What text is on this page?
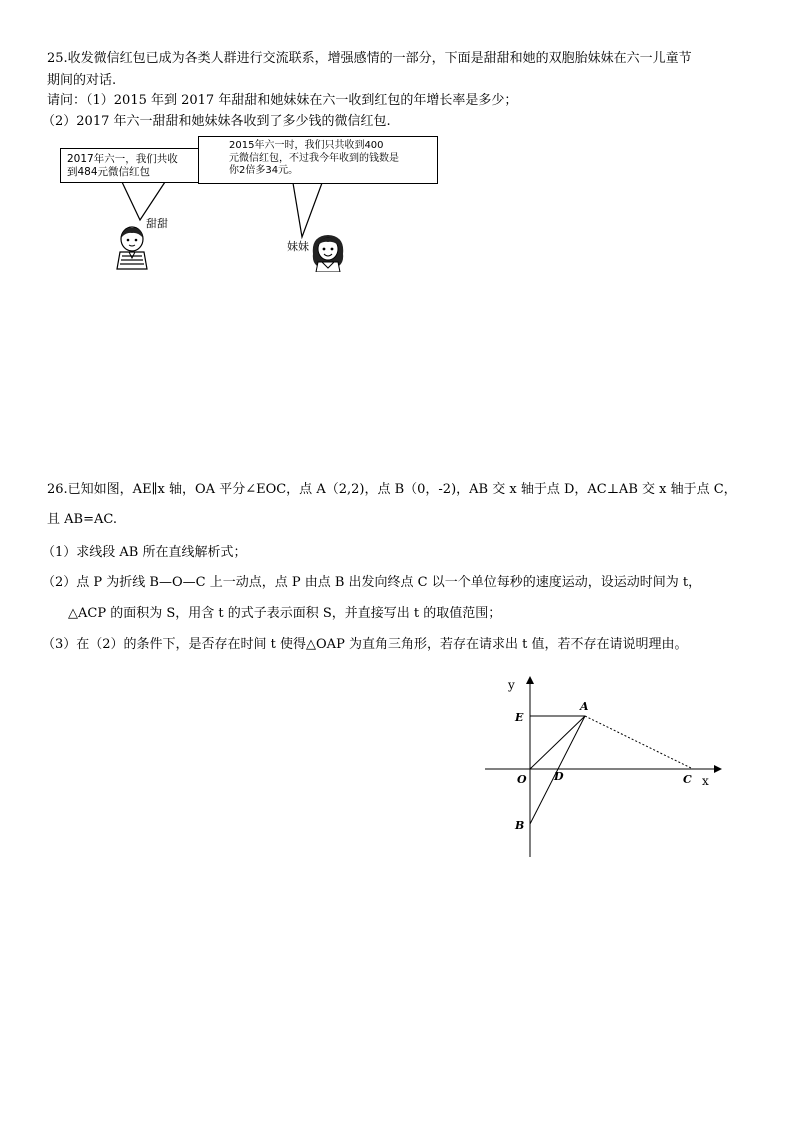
25.收发微信红包已成为各类人群进行交流联系，增强感情的一部分，下面是甜甜和她的双胞胎妹妹在六一儿童节
期间的对话.
请问：（1）2015 年到 2017 年甜甜和她妹妹在六一收到红包的年增长率是多少；
（2）2017 年六一甜甜和她妹妹各收到了多少钱的微信红包.
2017年六一，我们共收
到484元微信红包
2015年六一时，我们只共收到400
元微信红包，不过我今年收到的钱数是
你2倍多34元。
甜甜
妹妹
26.已知如图，AE∥x 轴，OA 平分∠EOC，点 A（2,2)，点 B（0，-2)，AB 交 x 轴于点 D，AC⊥AB 交 x 轴于点 C，
且 AB=AC.
（1）求线段 AB 所在直线解析式；
（2）点 P 为折线 B—O—C 上一动点，点 P 由点 B 出发向终点 C 以一个单位每秒的速度运动，设运动时间为 t，
△ACP 的面积为 S，用含 t 的式子表示面积 S，并直接写出 t 的取值范围；
（3）在（2）的条件下，是否存在时间 t 使得△OAP 为直角三角形，若存在请求出 t 值，若不存在请说明理由。
y
x
E
A
O D	C
B
